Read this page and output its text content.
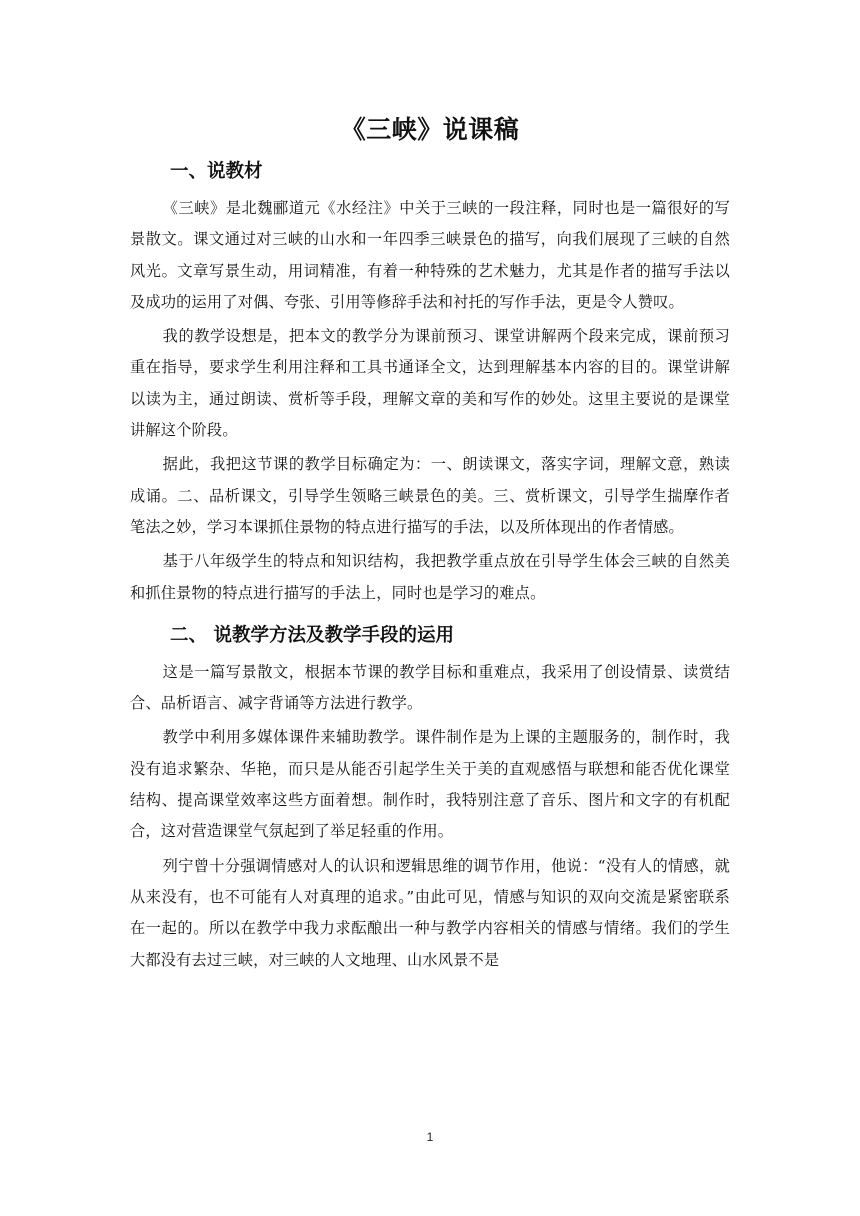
《三峡》说课稿
一、说教材

《三峡》是北魏郦道元《水经注》中关于三峡的一段注释，同时也是一篇很好的写景散文。课文通过对三峡的山水和一年四季三峡景色的描写，向我们展现了三峡的自然风光。文章写景生动，用词精准，有着一种特殊的艺术魅力，尤其是作者的描写手法以及成功的运用了对偶、夸张、引用等修辞手法和衬托的写作手法，更是令人赞叹。

我的教学设想是，把本文的教学分为课前预习、课堂讲解两个段来完成，课前预习重在指导，要求学生利用注释和工具书通译全文，达到理解基本内容的目的。课堂讲解以读为主，通过朗读、赏析等手段，理解文章的美和写作的妙处。这里主要说的是课堂讲解这个阶段。

据此，我把这节课的教学目标确定为：一、朗读课文，落实字词，理解文意，熟读成诵。二、品析课文，引导学生领略三峡景色的美。三、赏析课文，引导学生揣摩作者笔法之妙，学习本课抓住景物的特点进行描写的手法，以及所体现出的作者情感。

基于八年级学生的特点和知识结构，我把教学重点放在引导学生体会三峡的自然美和抓住景物的特点进行描写的手法上，同时也是学习的难点。

二、 说教学方法及教学手段的运用

这是一篇写景散文，根据本节课的教学目标和重难点，我采用了创设情景、读赏结合、品析语言、减字背诵等方法进行教学。

教学中利用多媒体课件来辅助教学。课件制作是为上课的主题服务的，制作时，我没有追求繁杂、华艳，而只是从能否引起学生关于美的直观感悟与联想和能否优化课堂结构、提高课堂效率这些方面着想。制作时，我特别注意了音乐、图片和文字的有机配合，这对营造课堂气氛起到了举足轻重的作用。

列宁曾十分强调情感对人的认识和逻辑思维的调节作用，他说：“没有人的情感，就从来没有，也不可能有人对真理的追求。”由此可见，情感与知识的双向交流是紧密联系在一起的。所以在教学中我力求酝酿出一种与教学内容相关的情感与情绪。我们的学生大都没有去过三峡，对三峡的人文地理、山水风景不是

1
